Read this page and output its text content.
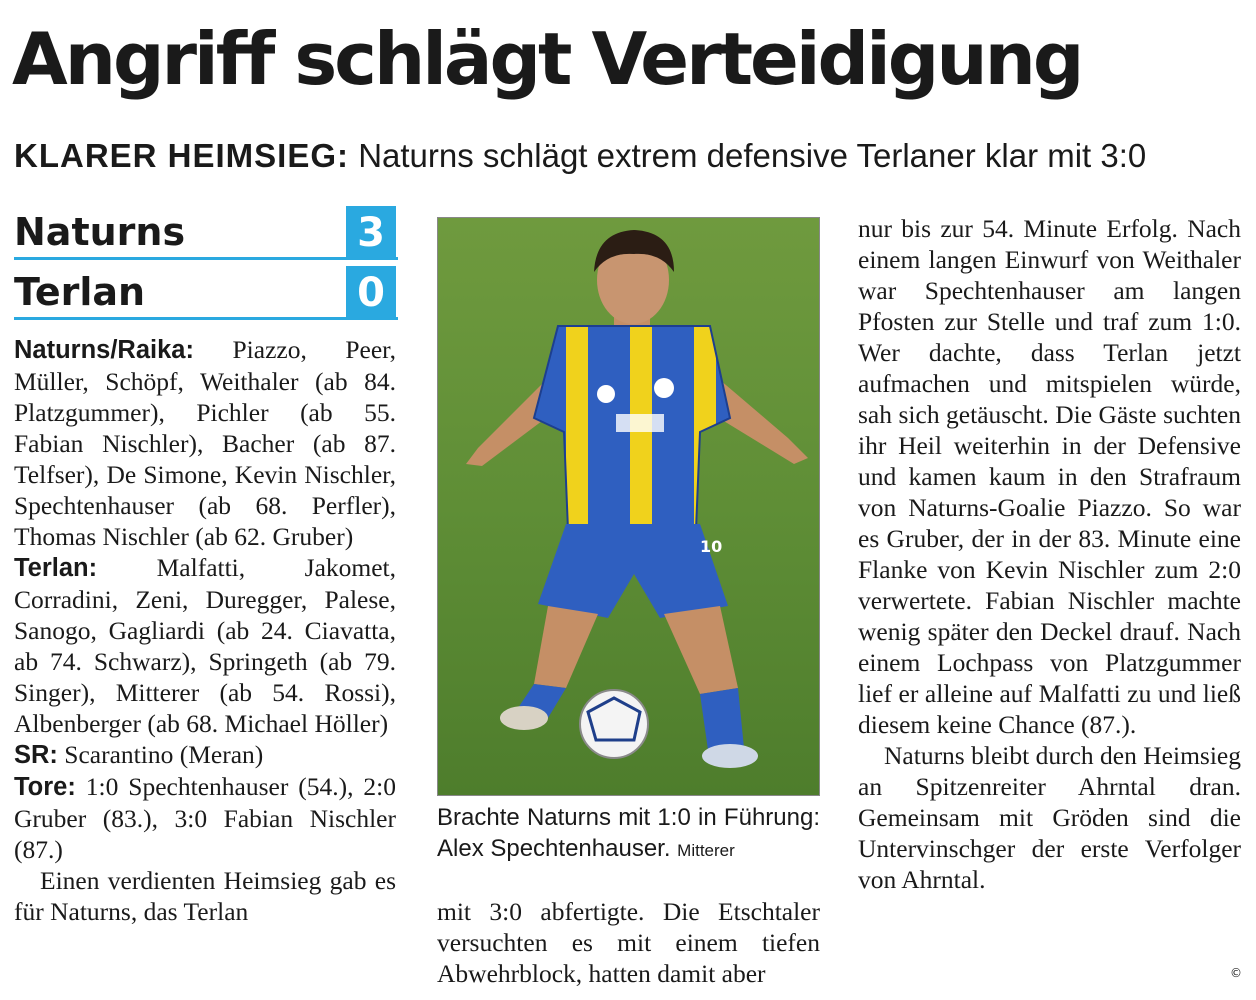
Angriff schlägt Verteidigung
KLARER HEIMSIEG: Naturns schlägt extrem defensive Terlaner klar mit 3:0
Naturns	3
Terlan	0

Naturns/Raika: Piazzo, Peer, Müller, Schöpf, Weithaler (ab 84. Platzgummer), Pichler (ab 55. Fabian Nischler), Bacher (ab 87. Telfser), De Simone, Kevin Nischler, Spechtenhauser (ab 68. Perfler), Thomas Nischler (ab 62. Gruber)

Terlan: Malfatti, Jakomet, Corradini, Zeni, Duregger, Palese, Sanogo, Gagliardi (ab 24. Ciavatta, ab 74. Schwarz), Springeth (ab 79. Singer), Mitterer (ab 54. Rossi), Albenberger (ab 68. Michael Höller)

SR: Scarantino (Meran)

Tore: 1:0 Spechtenhauser (54.), 2:0 Gruber (83.), 3:0 Fabian Nischler (87.)

Einen verdienten Heimsieg gab es für Naturns, das Terlan

10
Brachte Naturns mit 1:0 in Führung: Alex Spechtenhauser. Mitterer

mit 3:0 abfertigte. Die Etschtaler versuchten es mit einem tiefen Abwehrblock, hatten damit aber

nur bis zur 54. Minute Erfolg. Nach einem langen Einwurf von Weithaler war Spechtenhauser am langen Pfosten zur Stelle und traf zum 1:0. Wer dachte, dass Terlan jetzt aufmachen und mitspielen würde, sah sich getäuscht. Die Gäste suchten ihr Heil weiterhin in der Defensive und kamen kaum in den Strafraum von Naturns-Goalie Piazzo. So war es Gruber, der in der 83. Minute eine Flanke von Kevin Nischler zum 2:0 verwertete. Fabian Nischler machte wenig später den Deckel drauf. Nach einem Lochpass von Platzgummer lief er alleine auf Malfatti zu und ließ diesem keine Chance (87.).

Naturns bleibt durch den Heimsieg an Spitzenreiter Ahrntal dran. Gemeinsam mit Gröden sind die Untervinschger der erste Verfolger von Ahrntal.

©
